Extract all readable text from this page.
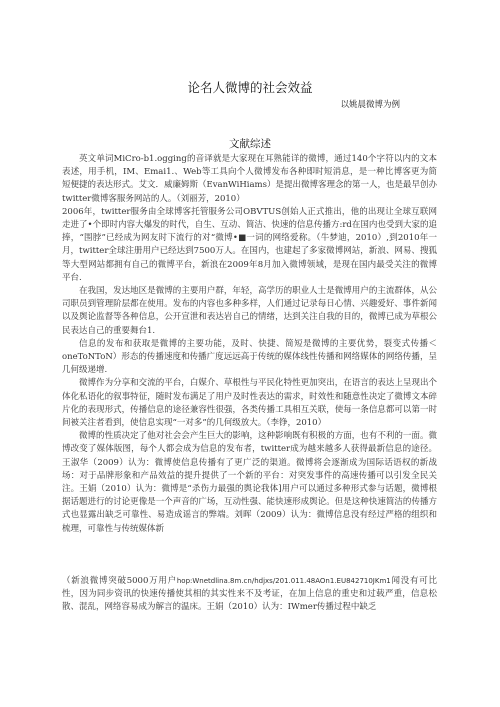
论名人微博的社会效益
以姚晨微博为例
文献综述

英文单词MiCro-b1.ogging的音译就是大家现在耳熟能详的微博，通过140个字符以内的文本表述，用手机，IM、Emai1.、Web等工具向个人微博发布各种即时短消息，是一种比博客更为简短便捷的表达形式。艾文．威廉姆斯（EvanWiHiams）是提出微博客理念的第一人，也是最早创办twitter微博客服务网站的人。（刘丽芳，2010）

2006年，twitter服务由全球博客托管服务公司OBVTUS创始人正式推出，他的出现让全球互联网走进了•个即时内容大爆发的时代，自生、互动、简洁、快速的信息传播方:rd在国内也受到大家的追捧，“围脖”已经成为网友时下流行的对“微博•■一词的网络爱称。（牛梦迪，2010）,到2010年一月，twitter全球注册用户已经达到7500万人。在国内，也建起了多家微博网站，新浪、网易、搜狐等大型网站都拥有自己的微博平台，新浪在2009年8月加入微博领域，是现在国内最受关注的微博平台.

在我国，发达地区是微博的主要用户群，年轻，高学历的职业人士是微博用户的主流群体，从公司职员到管理阶层都在使用。发布的内容也多种多样，人们通过记录每日心情、兴趣爱好、事件新闻以及舆论监督等各种信息，公开宣泄和表达岩自己的情绪，达到关注自我的目的，微博已成为草根公民表达自己的重要舞台1.

信息的发布和获取是微博的主要功能，及时、快捷、简短是微博的主要优势，裂变式传播＜oneToNToN）形态的传播速度和传播广度远远高于传统的媒体线性传播和网络媒体的网络传播，呈几何级递增.

微博作为分享和交流的平台，白媒介、草根性与平民化特性更加突出，在语言的表达上呈现出个体化私语化的叙事特征，随时发布满足了用户及时性表达的需求，时效性和随意性决定了微博文本碎片化的表现形式，传播信息的途径兼容性很强，各类传播工具相互关联，使每一条信息都可以第一时间被关注者看到，使信息实现“一对多”的几何级放大。（李铮，2010）

微博的性质决定了他对社会会产生巨大的影响，这种影响既有积极的方面，也有不利的一面。微博改变了媒体版图，每个人都会成为信息的发布者，twitter成为越来越多人获得最新信息的途径。王淑华（2009）认为：微博使信息传播有了更广泛的渠道。微博将会逐渐成为国际话语权的新战场：对于品牌形象和产品效益的提升提供了一个新的平台：对突发事件的高速传播可以引发全民关注。王娟（2010）认为：微博是“杀伤力最强的舆论我体]用户可以通过多种形式参与话题，微博根据话题进行的讨论更像是一个声音的广场，互动性强、能快速形成舆论。但是这种快速简洁的传播方式也显露出缺乏可靠性、易造成谣言的弊端。刘晖（2009）认为：微博信息没有经过严格的组织和梳理，可靠性与传统媒体新

（新浪微博突破5000万用户hop:Wnetdlina.8m.cn/hdjxs/201.011.48AOn1.EU842710JKm1闻没有可比性，因为同步资讯的快速传播使其相的其实性来不及考证，在加上信息的重史和过载严重，信息松散、混乱，网络容易成为解言的温床。王娟（2010）认为：IWmer传播过程中缺乏
